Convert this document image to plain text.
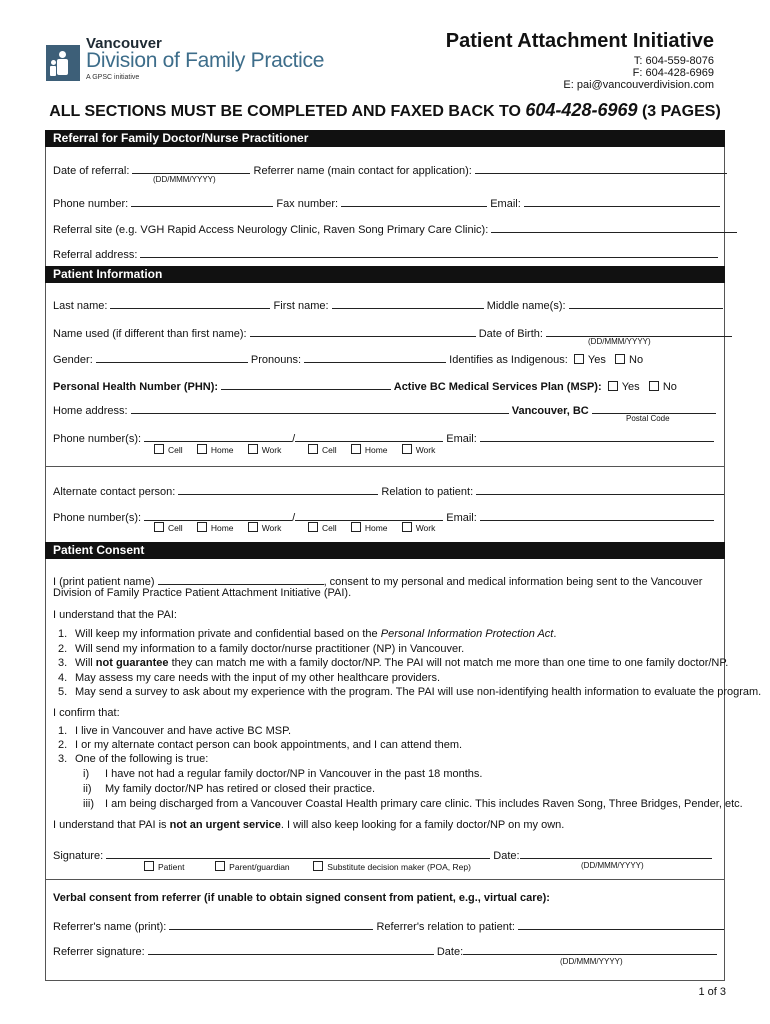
Vancouver
Division of Family Practice
A GPSC initiative
Patient Attachment Initiative
T: 604-559-8076
F: 604-428-6969
E: pai@vancouverdivision.com
ALL SECTIONS MUST BE COMPLETED AND FAXED BACK TO 604-428-6969 (3 PAGES)
Referral for Family Doctor/Nurse Practitioner
Date of referral:	Referrer name (main contact for application):
(DD/MMM/YYYY)
Phone number:	Fax number:	Email:
Referral site (e.g. VGH Rapid Access Neurology Clinic, Raven Song Primary Care Clinic):
Referral address:
Patient Information
Last name:	First name:	Middle name(s):
Name used (if different than first name):	Date of Birth:
(DD/MMM/YYYY)
Gender:	Pronouns:	Identifies as Indigenous: Yes No
Personal Health Number (PHN):	Active BC Medical Services Plan (MSP): Yes No
Home address:	Vancouver, BC
Postal Code
Phone number(s):	/	Email:
Cell	Home	Work	Cell	Home	Work
Alternate contact person:	Relation to patient:
Phone number(s):	/	Email:
Cell	Home	Work	Cell	Home	Work
Patient Consent
I (print patient name)	, consent to my personal and medical information being sent to the Vancouver
Division of Family Practice Patient Attachment Initiative (PAI).
I understand that the PAI:
1. Will keep my information private and confidential based on the Personal Information Protection Act.
2. Will send my information to a family doctor/nurse practitioner (NP) in Vancouver.
3. Will not guarantee they can match me with a family doctor/NP. The PAI will not match me more than one time to one family doctor/NP.
4. May assess my care needs with the input of my other healthcare providers.
5. May send a survey to ask about my experience with the program. The PAI will use non-identifying health information to evaluate the program.
I confirm that:
1. I live in Vancouver and have active BC MSP.
2. I or my alternate contact person can book appointments, and I can attend them.
3. One of the following is true:
i) I have not had a regular family doctor/NP in Vancouver in the past 18 months.
ii) My family doctor/NP has retired or closed their practice.
iii) I am being discharged from a Vancouver Coastal Health primary care clinic. This includes Raven Song, Three Bridges, Pender, etc.
I understand that PAI is not an urgent service. I will also keep looking for a family doctor/NP on my own.
Signature:	Date:
Patient	Parent/guardian	Substitute decision maker (POA, Rep)	(DD/MMM/YYYY)
Verbal consent from referrer (if unable to obtain signed consent from patient, e.g., virtual care):
Referrer's name (print):	Referrer's relation to patient:
Referrer signature:	Date:
(DD/MMM/YYYY)
1 of 3
